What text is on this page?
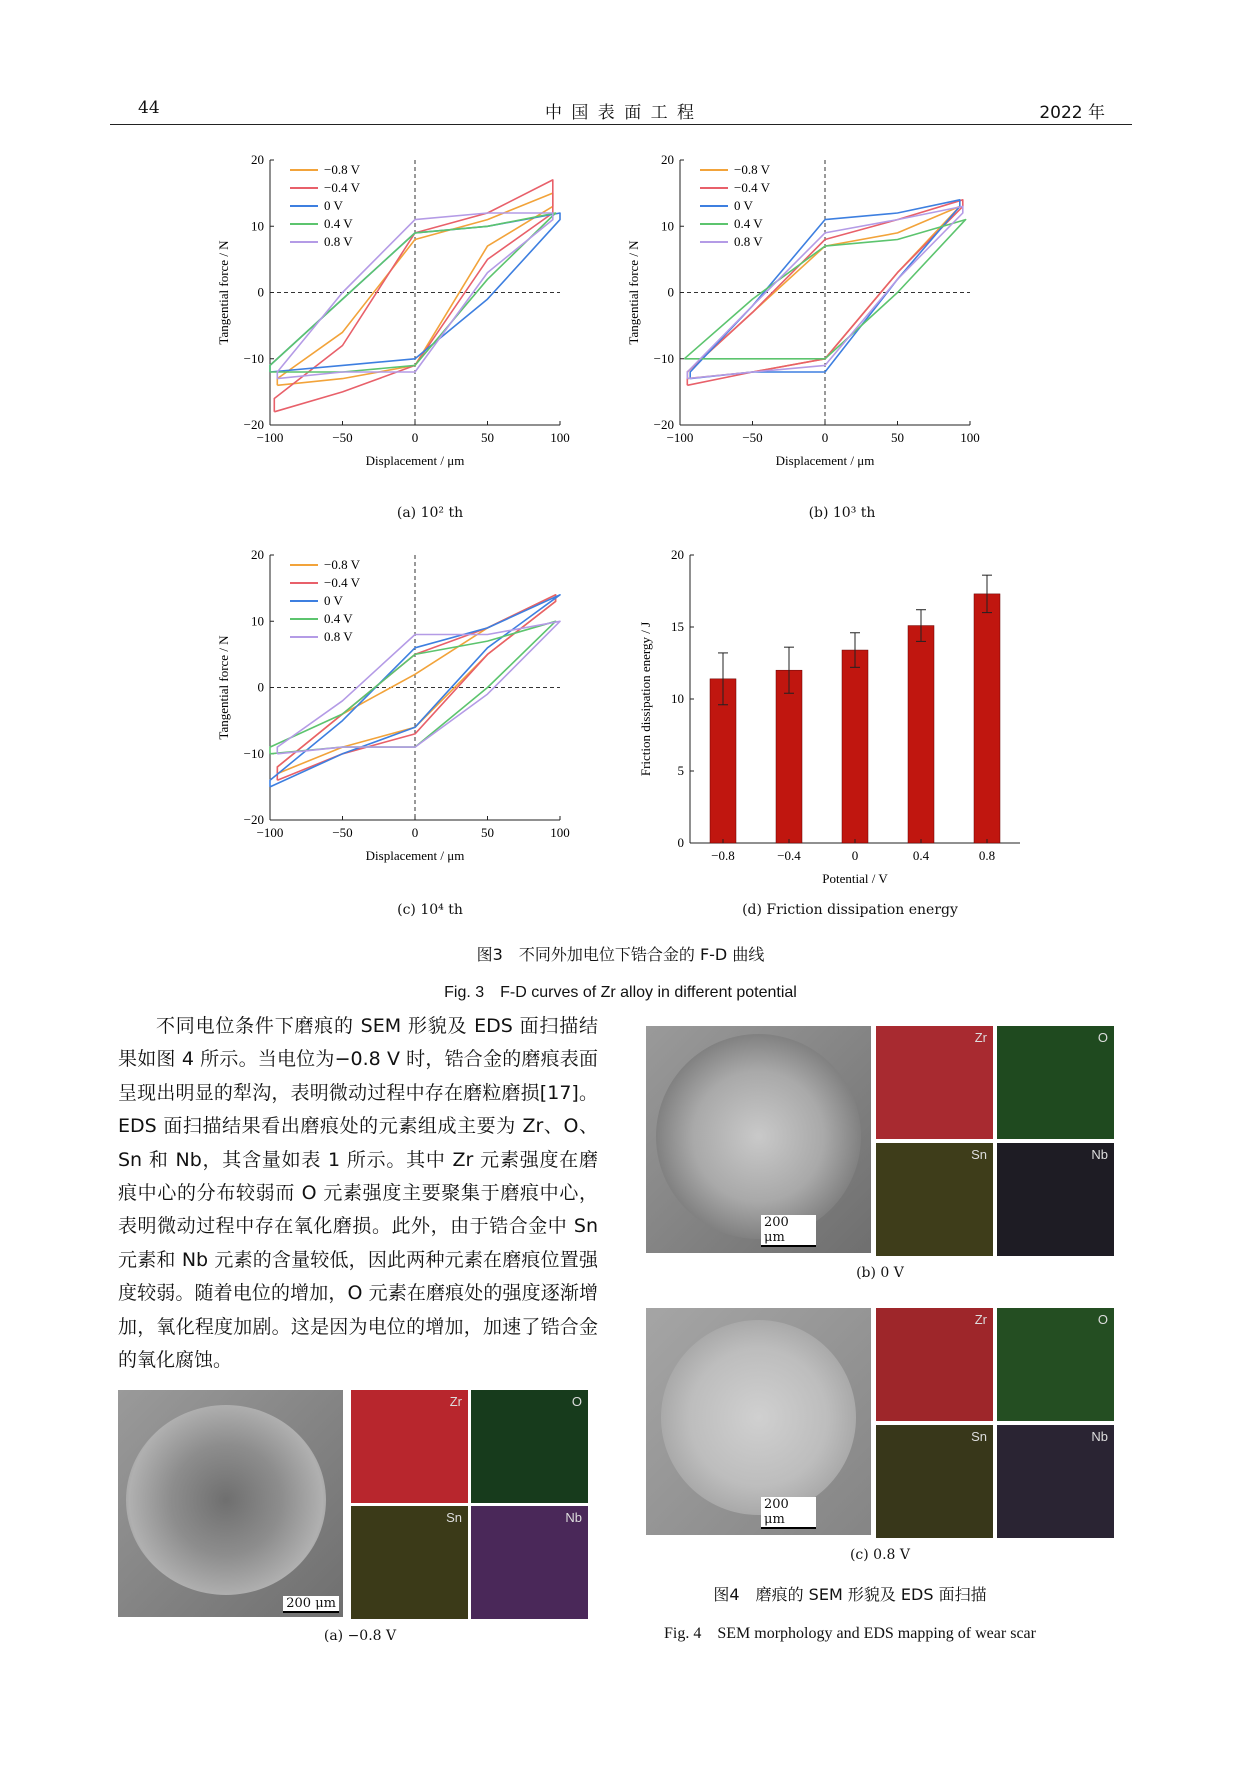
44	中 国 表 面 工 程	2022 年
−100	−50	0	50	100
−20
−10
0
10
20
Displacement / μm
Tangential force / N
−0.8 V
−0.4 V
0 V
0.4 V
0.8 V
−100	−50	0	50	100
−20
−10
0
10
20
Displacement / μm
Tangential force / N
−0.8 V
−0.4 V
0 V
0.4 V
0.8 V
−100	−50	0	50	100
−20
−10
0
10
20
Displacement / μm
Tangential force / N
−0.8 V
−0.4 V
0 V
0.4 V
0.8 V
0
5
10
15
20
−0.8	−0.4	0	0.4	0.8
Potential / V
Friction dissipation energy / J
(a) 10² th	(b) 10³ th
(c) 10⁴ th	(d) Friction dissipation energy
图3　不同外加电位下锆合金的 F-D 曲线
Fig. 3　F-D curves of Zr alloy in different potential

不同电位条件下磨痕的 SEM 形貌及 EDS 面扫描结果如图 4 所示。当电位为−0.8 V 时，锆合金的磨痕表面呈现出明显的犁沟，表明微动过程中存在磨粒磨损[17]。EDS 面扫描结果看出磨痕处的元素组成主要为 Zr、O、Sn 和 Nb，其含量如表 1 所示。其中 Zr 元素强度在磨痕中心的分布较弱而 O 元素强度主要聚集于磨痕中心，表明微动过程中存在氧化磨损。此外，由于锆合金中 Sn 元素和 Nb 元素的含量较低，因此两种元素在磨痕位置强度较弱。随着电位的增加，O 元素在磨痕处的强度逐渐增加，氧化程度加剧。这是因为电位的增加，加速了锆合金的氧化腐蚀。

200 μm
Zr	O
Sn	Nb
(a) −0.8 V
200 μm
Zr	O
Sn	Nb
(b) 0 V
200 μm
Zr	O
Sn	Nb
(c) 0.8 V
图4　磨痕的 SEM 形貌及 EDS 面扫描
Fig. 4　SEM morphology and EDS mapping of wear scar
